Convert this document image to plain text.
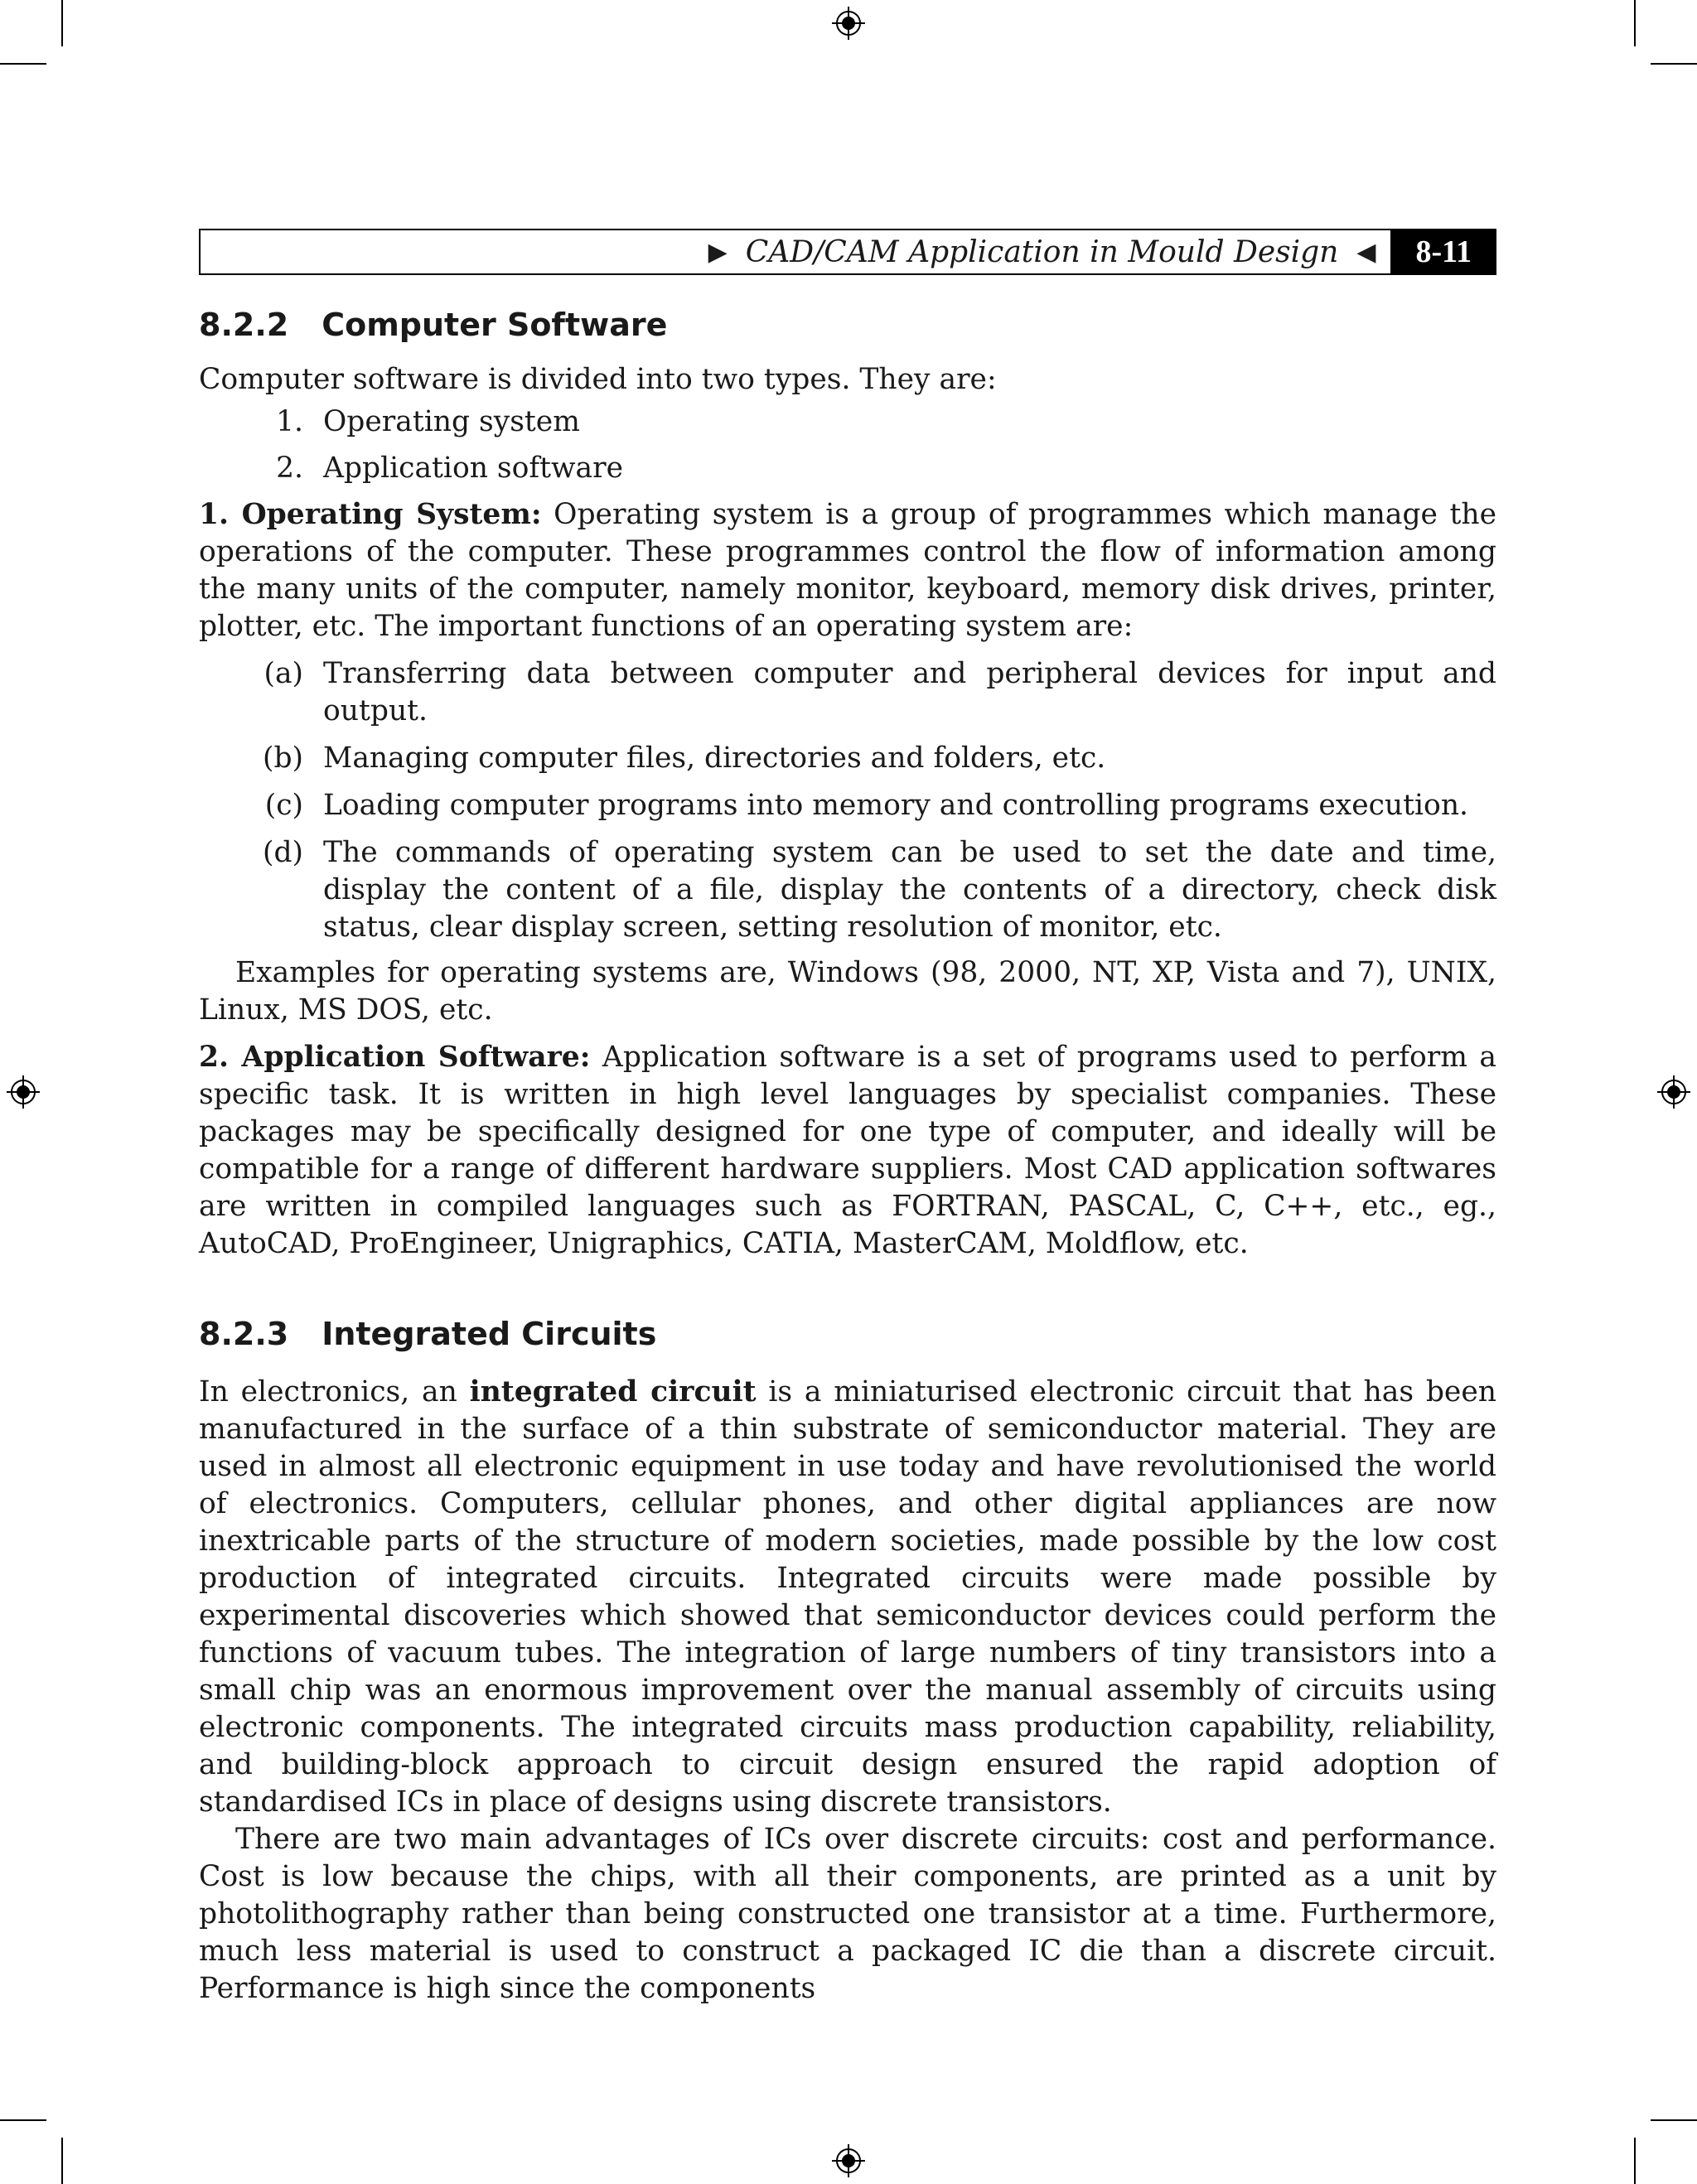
▶ CAD/CAM Application in Mould Design ◀	8-11
8.2.2 Computer Software

Computer software is divided into two types. They are:

1. Operating system
2. Application software

1. Operating System: Operating system is a group of programmes which manage the operations of the computer. These programmes control the flow of information among the many units of the computer, namely monitor, keyboard, memory disk drives, printer, plotter, etc. The important functions of an operating system are:

(a) Transferring data between computer and peripheral devices for input and output.
(b) Managing computer files, directories and folders, etc.
(c) Loading computer programs into memory and controlling programs execution.
(d) The commands of operating system can be used to set the date and time, display the content of a file, display the contents of a directory, check disk status, clear display screen, setting resolution of monitor, etc.

Examples for operating systems are, Windows (98, 2000, NT, XP, Vista and 7), UNIX, Linux, MS DOS, etc.

2. Application Software: Application software is a set of programs used to perform a specific task. It is written in high level languages by specialist companies. These packages may be specifically designed for one type of computer, and ideally will be compatible for a range of different hardware suppliers. Most CAD application softwares are written in compiled languages such as FORTRAN, PASCAL, C, C++, etc., eg., AutoCAD, ProEngineer, Unigraphics, CATIA, MasterCAM, Moldflow, etc.

8.2.3 Integrated Circuits

In electronics, an integrated circuit is a miniaturised electronic circuit that has been manufactured in the surface of a thin substrate of semiconductor material. They are used in almost all electronic equipment in use today and have revolutionised the world of electronics. Computers, cellular phones, and other digital appliances are now inextricable parts of the structure of modern societies, made possible by the low cost production of integrated circuits. Integrated circuits were made possible by experimental discoveries which showed that semiconductor devices could perform the functions of vacuum tubes. The integration of large numbers of tiny transistors into a small chip was an enormous improvement over the manual assembly of circuits using electronic components. The integrated circuits mass production capability, reliability, and building-block approach to circuit design ensured the rapid adoption of standardised ICs in place of designs using discrete transistors.

There are two main advantages of ICs over discrete circuits: cost and performance. Cost is low because the chips, with all their components, are printed as a unit by photolithography rather than being constructed one transistor at a time. Furthermore, much less material is used to construct a packaged IC die than a discrete circuit. Performance is high since the components
